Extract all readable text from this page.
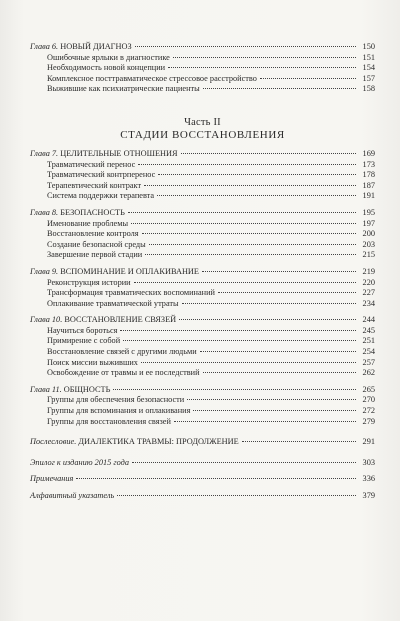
Глава 6. НОВЫЙ ДИАГНОЗ	150
Ошибочные ярлыки в диагностике	151
Необходимость новой концепции	154
Комплексное посттравматическое стрессовое расстройство	157
Выжившие как психиатрические пациенты	158
Часть II
СТАДИИ ВОССТАНОВЛЕНИЯ
Глава 7. ЦЕЛИТЕЛЬНЫЕ ОТНОШЕНИЯ	169
Травматический перенос	173
Травматический контрперенос	178
Терапевтический контракт	187
Система поддержки терапевта	191
Глава 8. БЕЗОПАСНОСТЬ	195
Именование проблемы	197
Восстановление контроля	200
Создание безопасной среды	203
Завершение первой стадии	215
Глава 9. ВСПОМИНАНИЕ И ОПЛАКИВАНИЕ	219
Реконструкция истории	220
Трансформация травматических воспоминаний	227
Оплакивание травматической утраты	234
Глава 10. ВОССТАНОВЛЕНИЕ СВЯЗЕЙ	244
Научиться бороться	245
Примирение с собой	251
Восстановление связей с другими людьми	254
Поиск миссии выживших	257
Освобождение от травмы и ее последствий	262
Глава 11. ОБЩНОСТЬ	265
Группы для обеспечения безопасности	270
Группы для вспоминания и оплакивания	272
Группы для восстановления связей	279
Послесловие. ДИАЛЕКТИКА ТРАВМЫ: ПРОДОЛЖЕНИЕ	291
Эпилог к изданию 2015 года	303
Примечания	336
Алфавитный указатель	379
